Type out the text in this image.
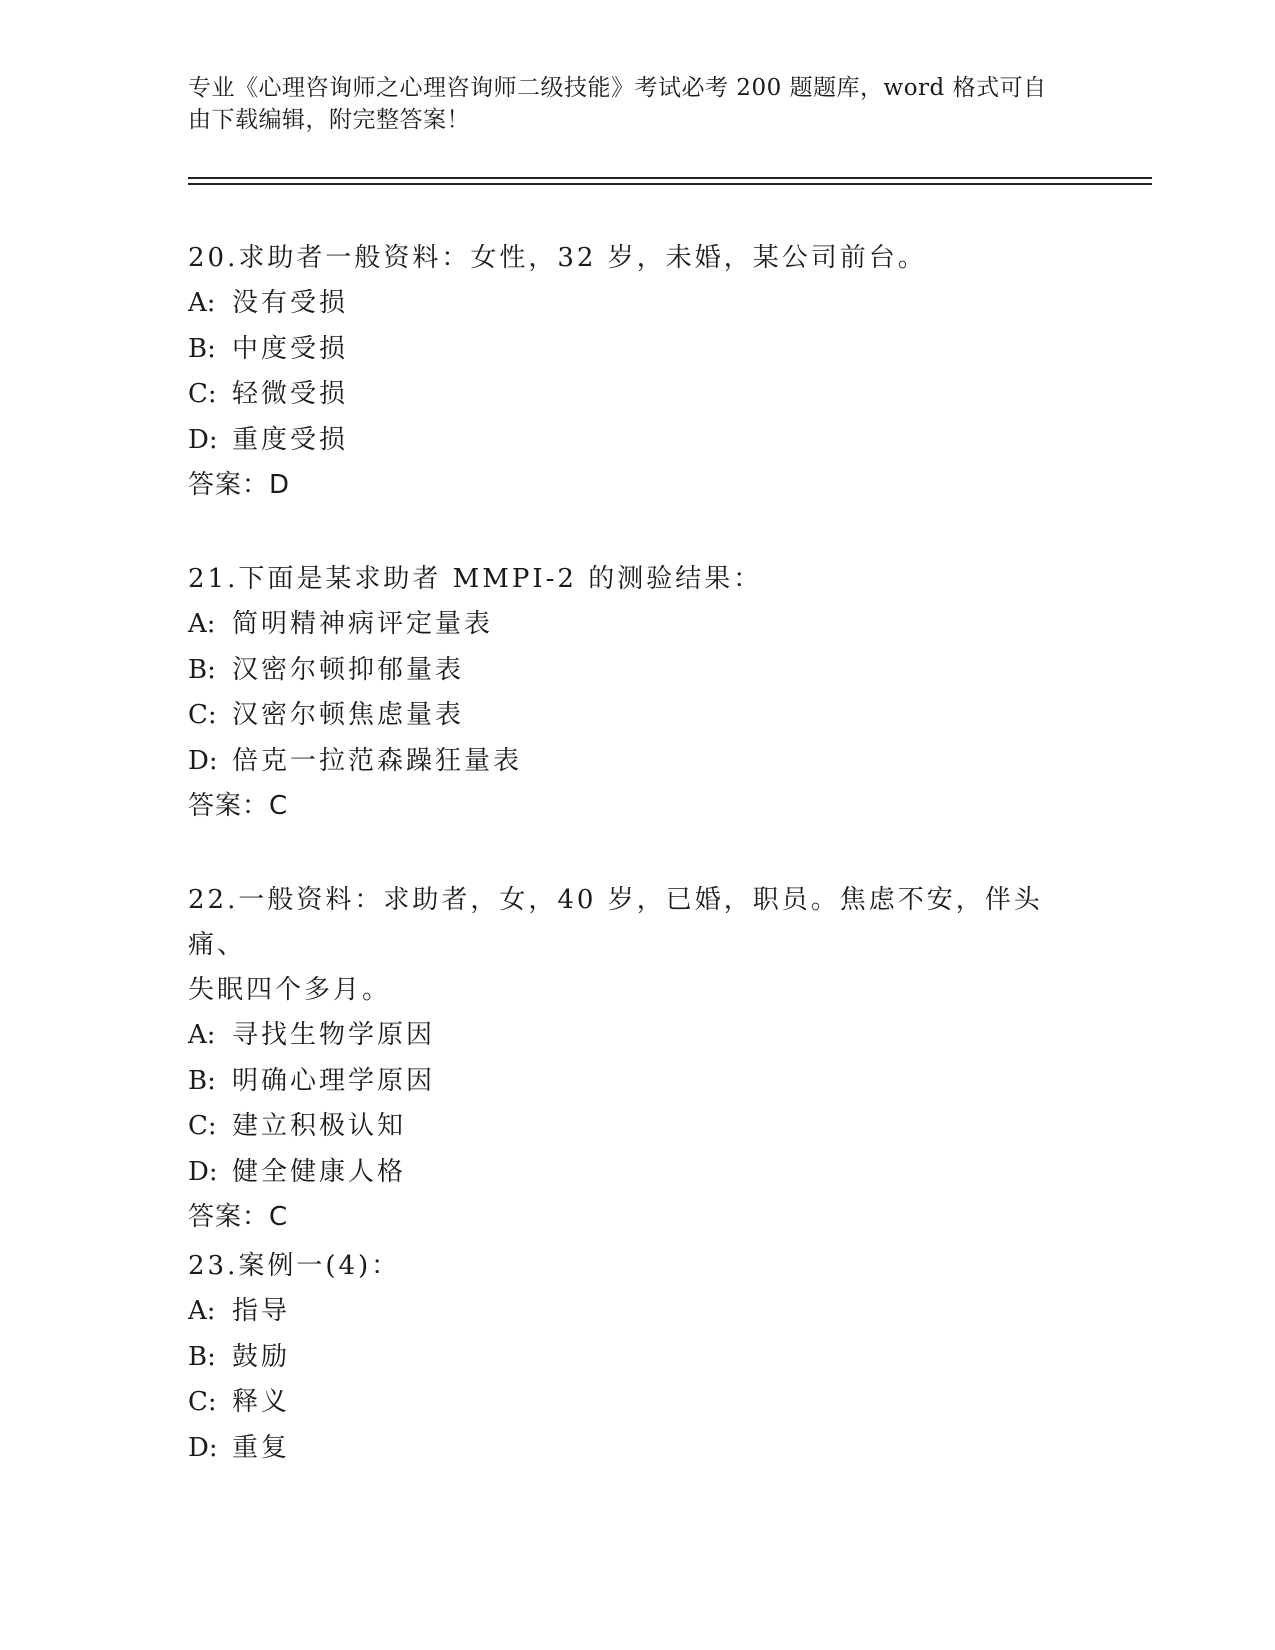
专业《心理咨询师之心理咨询师二级技能》考试必考 200 题题库，word 格式可自
由下载编辑，附完整答案！
20.求助者一般资料：女性，32 岁，未婚，某公司前台。
A: 没有受损
B: 中度受损
C: 轻微受损
D: 重度受损
答案：D
21.下面是某求助者 MMPI-2 的测验结果：
A: 简明精神病评定量表
B: 汉密尔顿抑郁量表
C: 汉密尔顿焦虑量表
D: 倍克一拉范森躁狂量表
答案：C
22.一般资料：求助者，女，40 岁，已婚，职员。焦虑不安，伴头痛、
失眠四个多月。
A: 寻找生物学原因
B: 明确心理学原因
C: 建立积极认知
D: 健全健康人格
答案：C
23.案例一(4)：
A: 指导
B: 鼓励
C: 释义
D: 重复
